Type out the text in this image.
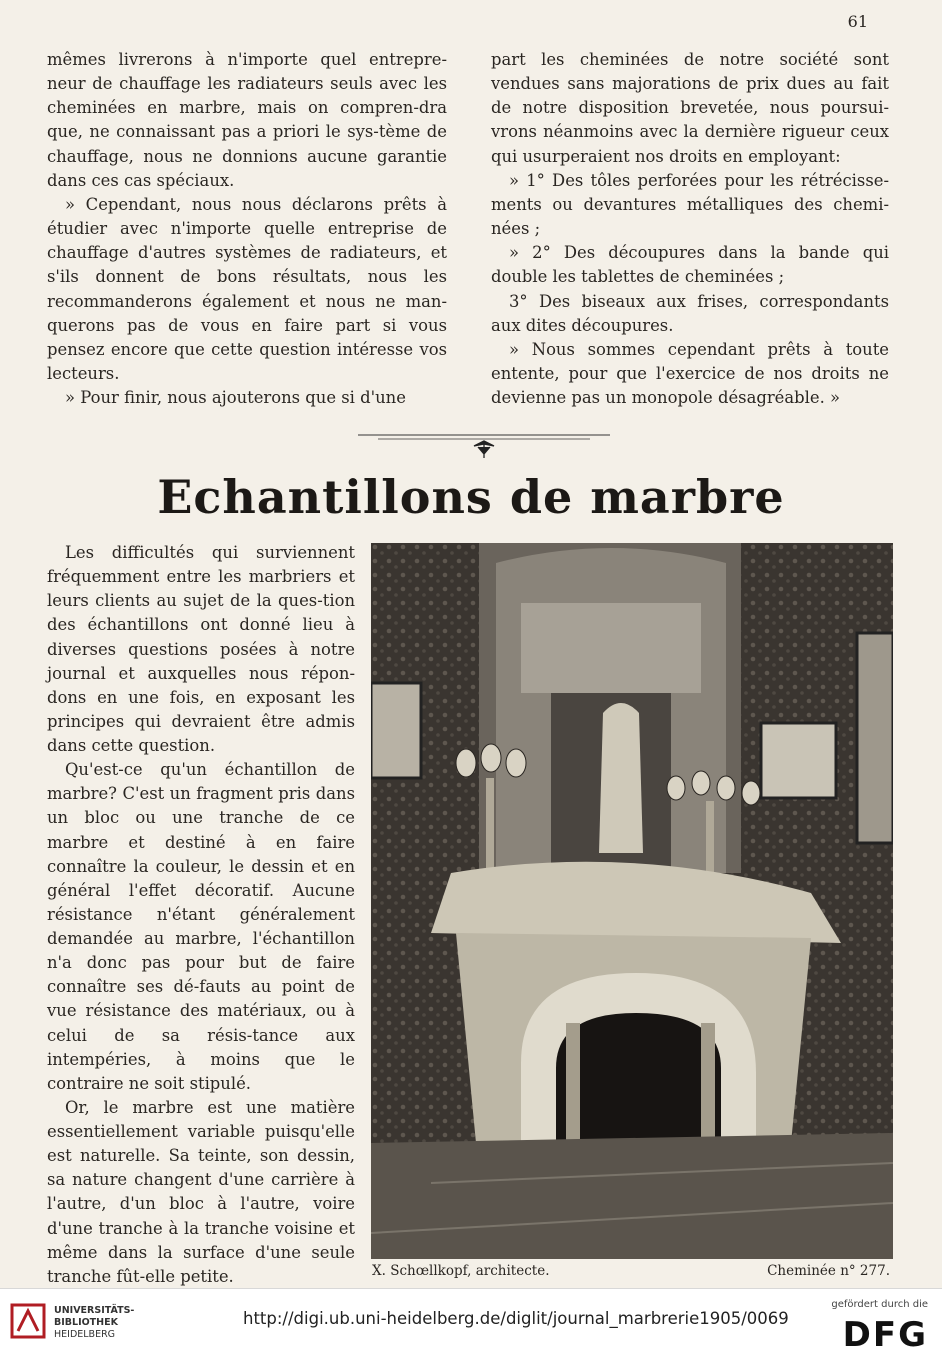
61

mêmes livrerons à n'importe quel entrepre-neur de chauffage les radiateurs seuls avec les cheminées en marbre, mais on compren-dra que, ne connaissant pas a priori le sys-tème de chauffage, nous ne donnions aucune garantie dans ces cas spéciaux.

» Cependant, nous nous déclarons prêts à étudier avec n'importe quelle entreprise de chauffage d'autres systèmes de radiateurs, et s'ils donnent de bons résultats, nous les recommanderons également et nous ne man-querons pas de vous en faire part si vous pensez encore que cette question intéresse vos lecteurs.

» Pour finir, nous ajouterons que si d'une

part les cheminées de notre société sont vendues sans majorations de prix dues au fait de notre disposition brevetée, nous poursui-vrons néanmoins avec la dernière rigueur ceux qui usurperaient nos droits en employant:

» 1° Des tôles perforées pour les rétrécisse-ments ou devantures métalliques des chemi-nées ;

» 2° Des découpures dans la bande qui double les tablettes de cheminées ;

3° Des biseaux aux frises, correspondants aux dites découpures.

» Nous sommes cependant prêts à toute entente, pour que l'exercice de nos droits ne devienne pas un monopole désagréable. »

Echantillons de marbre

Les difficultés qui surviennent fréquemment entre les marbriers et leurs clients au sujet de la ques-tion des échantillons ont donné lieu à diverses questions posées à notre journal et auxquelles nous répon-dons en une fois, en exposant les principes qui devraient être admis dans cette question.

Qu'est-ce qu'un échantillon de marbre? C'est un fragment pris dans un bloc ou une tranche de ce marbre et destiné à en faire connaître la couleur, le dessin et en général l'effet décoratif. Aucune résistance n'étant généralement demandée au marbre, l'échantillon n'a donc pas pour but de faire connaître ses dé-fauts au point de vue résistance des matériaux, ou à celui de sa résis-tance aux intempéries, à moins que le contraire ne soit stipulé.

Or, le marbre est une matière essentiellement variable puisqu'elle est naturelle. Sa teinte, son dessin, sa nature changent d'une carrière à l'autre, d'un bloc à l'autre, voire d'une tranche à la tranche voisine et même dans la surface d'une seule tranche fût-elle petite.	X. Schœllkopf, architecte.	Cheminée n° 277.
UNIVERSITÄTS-
BIBLIOTHEK
HEIDELBERG
http://digi.ub.uni-heidelberg.de/diglit/journal_marbrerie1905/0069
gefördert durch die
DFG
